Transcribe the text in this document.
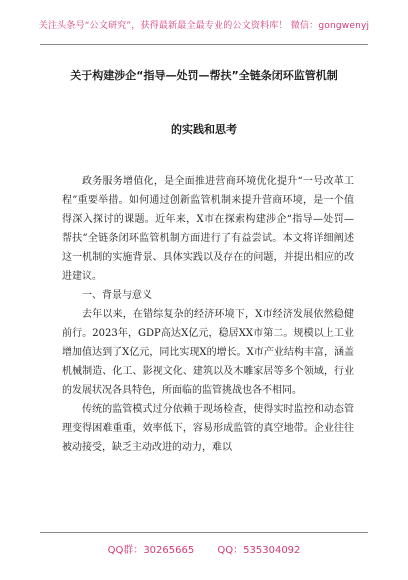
关注头条号“公文研究”，获得最新最全最专业的公文资料库！ 微信：gongwenyj
关于构建涉企“指导—处罚—帮扶”全链条闭环监管机制
的实践和思考

政务服务增值化，是全面推进营商环境优化提升“一号改革工程”重要举措。如何通过创新监管机制来提升营商环境，是一个值得深入探讨的课题。近年来，X市在探索构建涉企“指导—处罚—帮扶”全链条闭环监管机制方面进行了有益尝试。本文将详细阐述这一机制的实施背景、具体实践以及存在的问题，并提出相应的改进建议。

一、背景与意义

去年以来，在错综复杂的经济环境下，X市经济发展依然稳健前行。2023年，GDP高达X亿元，稳居XX市第二。规模以上工业增加值达到了X亿元，同比实现X的增长。X市产业结构丰富，涵盖机械制造、化工、影视文化、建筑以及木雕家居等多个领域，行业的发展状况各具特色，所面临的监管挑战也各不相同。

传统的监管模式过分依赖于现场检查，使得实时监控和动态管理变得困难重重，效率低下，容易形成监管的真空地带。企业往往被动接受，缺乏主动改进的动力，难以

QQ群：30265665 QQ：535304092
